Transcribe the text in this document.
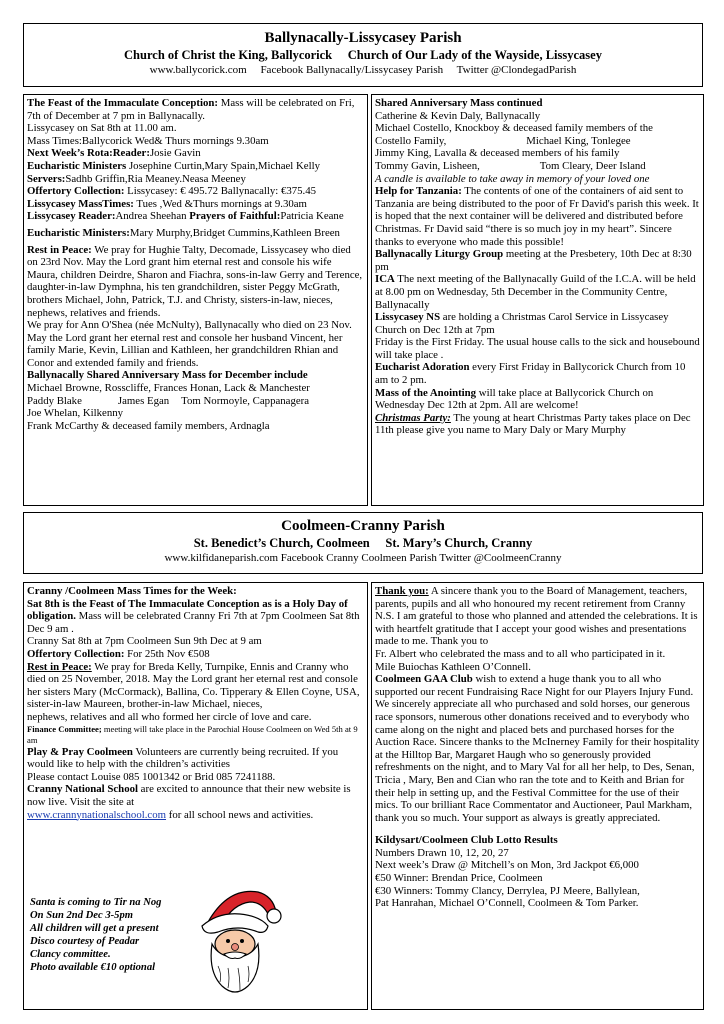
Ballynacally-Lissycasey Parish
Church of Christ the King, Ballycorick     Church of Our Lady of the Wayside, Lissycasey
www.ballycorick.com     Facebook Ballynacally/Lissycasey Parish     Twitter @ClondegadParish

The Feast of the Immaculate Conception: Mass will be celebrated on Fri, 7th of December at 7 pm in Ballynacally.

Lissycasey on Sat 8th at 11.00 am.

Mass Times:Ballycorick Wed& Thurs mornings 9.30am

Next Week’s Rota:Reader:Josie Gavin

Eucharistic Ministers Josephine Curtin,Mary Spain,Michael Kelly

Servers:Sadhb Griffin,Ria Meaney.Neasa Meeney

Offertory Collection: Lissycasey: € 495.72 Ballynacally: €375.45

Lissycasey MassTimes: Tues ,Wed &Thurs mornings at 9.30am

Lissycasey Reader:Andrea Sheehan Prayers of Faithful:Patricia Keane

Eucharistic Ministers:Mary Murphy,Bridget Cummins,Kathleen Breen

Rest in Peace: We pray for Hughie Talty, Decomade, Lissycasey who died on 23rd Nov. May the Lord grant him eternal rest and console his wife Maura, children Deirdre, Sharon and Fiachra, sons-in-law Gerry and Terence, daughter-in-law Dymphna, his ten grandchildren, sister Peggy McGrath, brothers Michael, John, Patrick, T.J. and Christy, sisters-in-law, nieces, nephews, relatives and friends.

We pray for Ann O'Shea (née McNulty), Ballynacally who died on 23 Nov. May the Lord grant her eternal rest and console her husband Vincent, her family Marie, Kevin, Lillian and Kathleen, her grandchildren Rhian and Conor and extended family and friends.

Ballynacally Shared Anniversary Mass for December include

Michael Browne, Rosscliffe, Frances Honan, Lack & Manchester

Paddy Blake	James Egan Tom Normoyle, Cappanagera

Joe Whelan, Kilkenny

Frank McCarthy & deceased family members, Ardnagla

Shared Anniversary Mass continued

Catherine & Kevin Daly, Ballynacally

Michael Costello, Knockboy & deceased family members of the

Costello Family,	Michael King, Tonlegee

Jimmy King, Lavalla & deceased members of his family

Tommy Gavin, Lisheen,	Tom Cleary, Deer Island

A candle is available to take away in memory of your loved one

Help for Tanzania: The contents of one of the containers of aid sent to Tanzania are being distributed to the poor of Fr David's parish this week. It is hoped that the next container will be delivered and distributed before Christmas. Fr David said “there is so much joy in my heart”. Sincere thanks to everyone who made this possible!

Ballynacally Liturgy Group meeting at the Presbetery, 10th Dec at 8:30 pm

ICA The next meeting of the Ballynacally Guild of the I.C.A. will be held at 8.00 pm on Wednesday, 5th December in the Community Centre, Ballynacally

Lissycasey NS are holding a Christmas Carol Service in Lissycasey Church on Dec 12th at 7pm

Friday is the First Friday. The usual house calls to the sick and housebound will take place .

Eucharist Adoration every First Friday in Ballycorick Church from 10 am to 2 pm.

Mass of the Anointing will take place at Ballycorick Church on Wednesday Dec 12th at 2pm. All are welcome!

Christmas Party: The young at heart Christmas Party takes place on Dec 11th please give you name to Mary Daly or Mary Murphy

Coolmeen-Cranny Parish
St. Benedict’s Church, Coolmeen     St. Mary’s Church, Cranny
www.kilfidaneparish.com Facebook Cranny Coolmeen Parish Twitter @CoolmeenCranny

Cranny /Coolmeen Mass Times for the Week:

Sat 8th is the Feast of The Immaculate Conception as is a Holy Day of obligation. Mass will be celebrated Cranny Fri 7th at 7pm Coolmeen Sat 8th Dec 9 am .

Cranny Sat 8th at 7pm Coolmeen Sun 9th Dec at 9 am

Offertory Collection: For 25th Nov €508

Rest in Peace: We pray for Breda Kelly, Turnpike, Ennis and Cranny who died on 25 November, 2018. May the Lord grant her eternal rest and console her sisters Mary (McCormack), Ballina, Co. Tipperary & Ellen Coyne, USA, sister-in-law Maureen, brother-in-law Michael, nieces,

nephews, relatives and all who formed her circle of love and care.

Finance Committee; meeting will take place in the Parochial House Coolmeen on Wed 5th at 9 am

Play & Pray Coolmeen Volunteers are currently being recruited. If you would like to help with the children’s activities

Please contact Louise 085 1001342 or Brid 085 7241188.

Cranny National School are excited to announce that their new website is now live. Visit the site at

www.crannynationalschool.com for all school news and activities.

Santa is coming to Tir na Nog

On Sun 2nd Dec 3-5pm

All children will get a present

Disco courtesy of Peadar

Clancy committee.

Photo available €10 optional

Thank you: A sincere thank you to the Board of Management, teachers, parents, pupils and all who honoured my recent retirement from Cranny N.S. I am grateful to those who planned and attended the celebrations. It is with heartfelt gratitude that I accept your good wishes and presentations made to me. Thank you to

Fr. Albert who celebrated the mass and to all who participated in it.

Mile Buiochas Kathleen O’Connell.

Coolmeen GAA Club wish to extend a huge thank you to all who supported our recent Fundraising Race Night for our Players Injury Fund. We sincerely appreciate all who purchased and sold horses, our generous race sponsors, numerous other donations received and to everybody who came along on the night and placed bets and purchased horses for the Auction Race. Sincere thanks to the McInerney Family for their hospitality at the Hilltop Bar, Margaret Haugh who so generously provided refreshments on the night, and to Mary Val for all her help, to Des, Senan, Tricia , Mary, Ben and Cian who ran the tote and to Keith and Brian for their help in setting up, and the Festival Committee for the use of their mics. To our brilliant Race Commentator and Auctioneer, Paul Markham, thank you so much. Your support as always is greatly appreciated.

Kildysart/Coolmeen Club Lotto Results

Numbers Drawn 10, 12, 20, 27

Next week’s Draw @ Mitchell’s on Mon, 3rd Jackpot €6,000

€50 Winner: Brendan Price, Coolmeen

€30 Winners: Tommy Clancy, Derrylea, PJ Meere, Ballylean,

Pat Hanrahan, Michael O’Connell, Coolmeen & Tom Parker.
